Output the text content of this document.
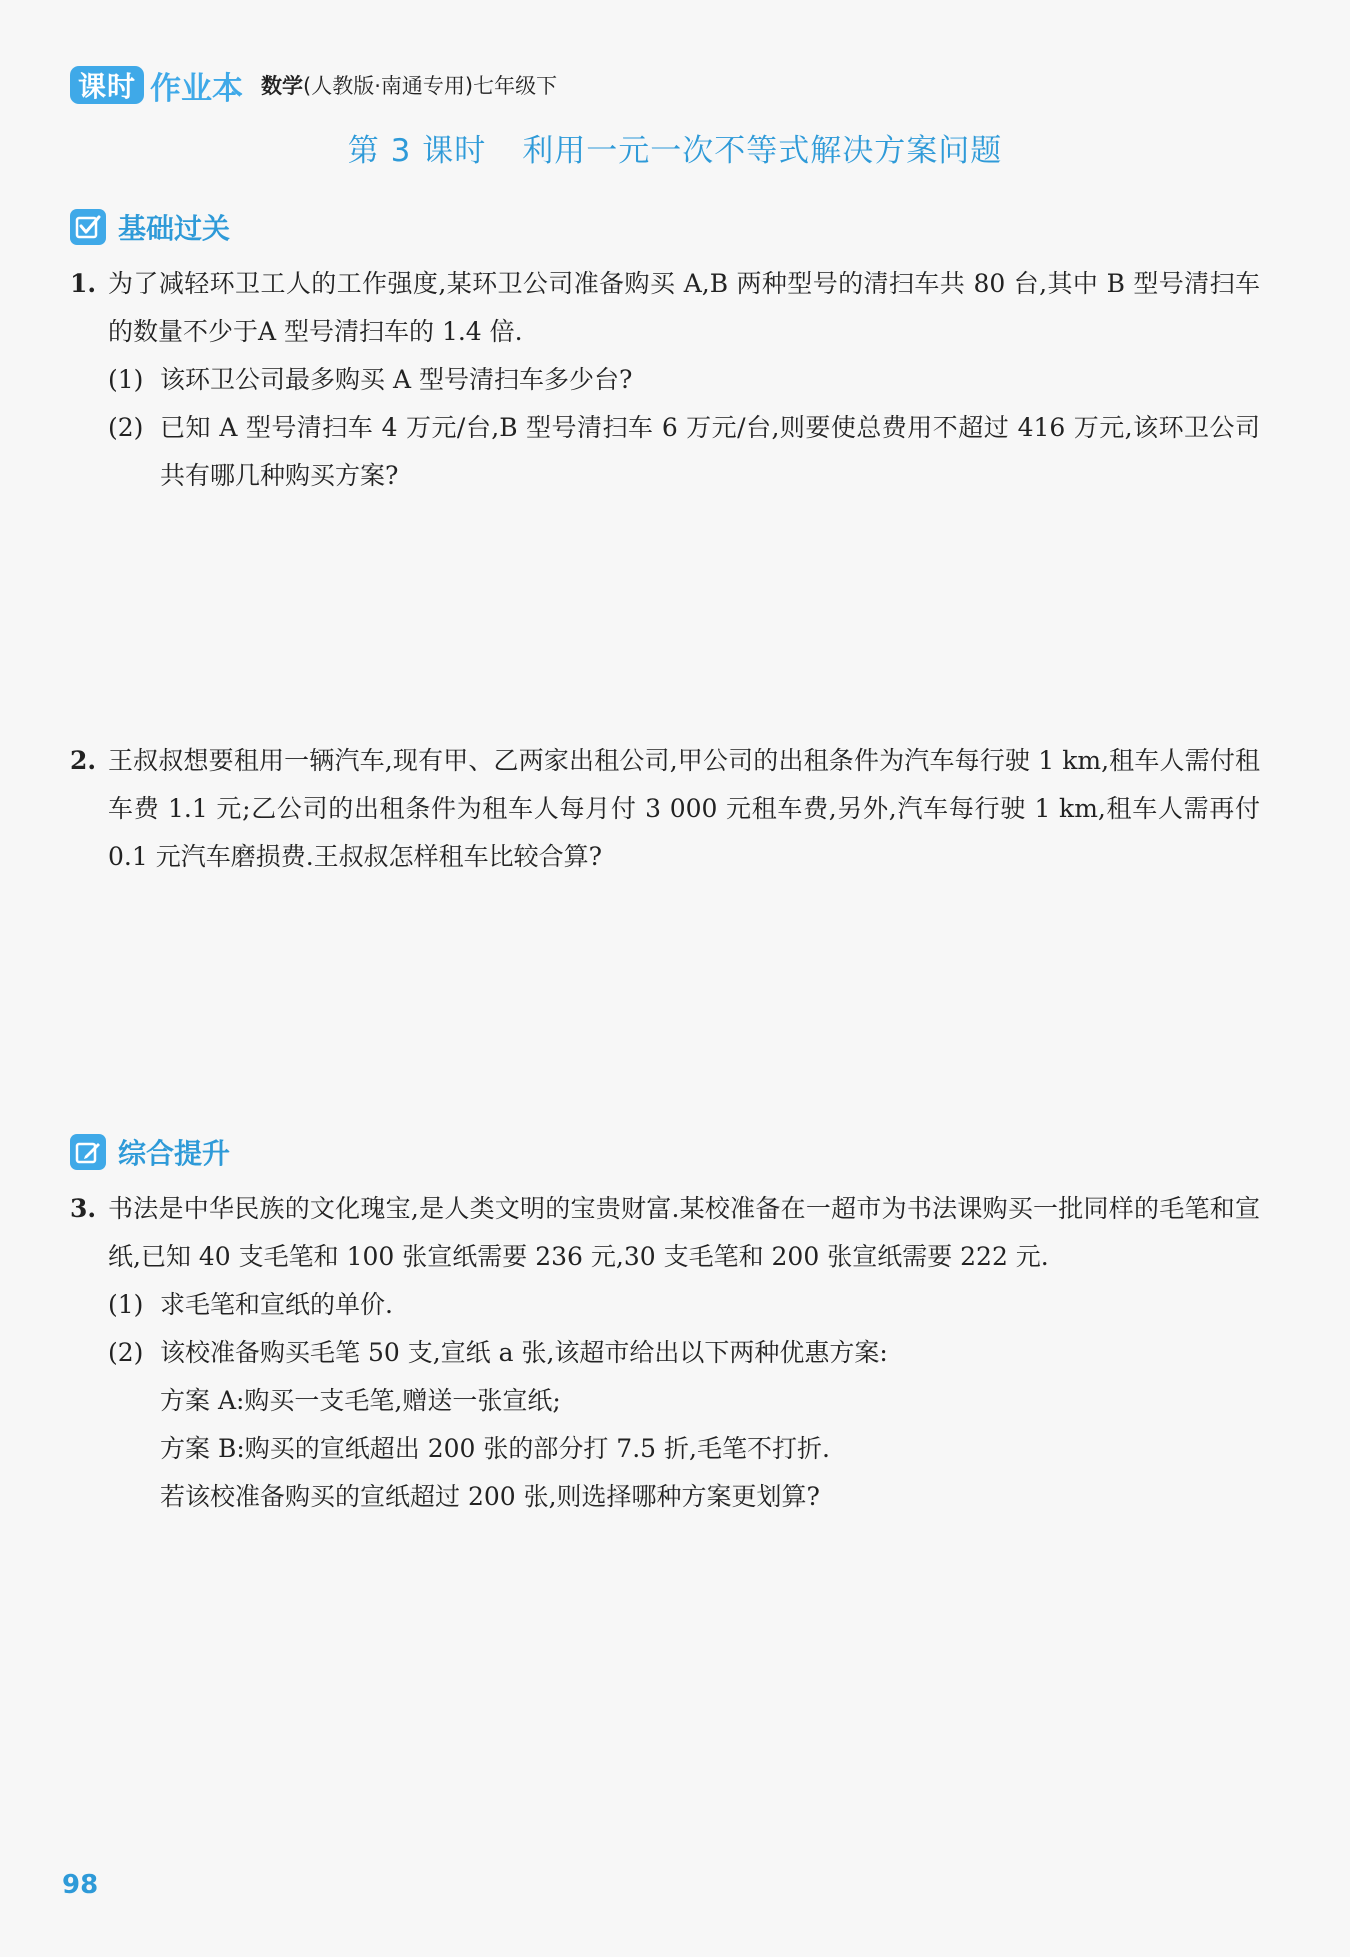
课时 作业本 数学(人教版·南通专用)七年级下
第 3 课时 利用一元一次不等式解决方案问题
基础过关
1. 为了减轻环卫工人的工作强度,某环卫公司准备购买 A,B 两种型号的清扫车共 80 台,其中 B 型号清扫车的数量不少于A 型号清扫车的 1.4 倍.
(1) 该环卫公司最多购买 A 型号清扫车多少台?
(2) 已知 A 型号清扫车 4 万元/台,B 型号清扫车 6 万元/台,则要使总费用不超过 416 万元,该环卫公司共有哪几种购买方案?
2. 王叔叔想要租用一辆汽车,现有甲、乙两家出租公司,甲公司的出租条件为汽车每行驶 1 km,租车人需付租车费 1.1 元;乙公司的出租条件为租车人每月付 3 000 元租车费,另外,汽车每行驶 1 km,租车人需再付 0.1 元汽车磨损费.王叔叔怎样租车比较合算?
综合提升
3. 书法是中华民族的文化瑰宝,是人类文明的宝贵财富.某校准备在一超市为书法课购买一批同样的毛笔和宣纸,已知 40 支毛笔和 100 张宣纸需要 236 元,30 支毛笔和 200 张宣纸需要 222 元.
(1) 求毛笔和宣纸的单价.
(2) 该校准备购买毛笔 50 支,宣纸 a 张,该超市给出以下两种优惠方案:
方案 A:购买一支毛笔,赠送一张宣纸;
方案 B:购买的宣纸超出 200 张的部分打 7.5 折,毛笔不打折.
若该校准备购买的宣纸超过 200 张,则选择哪种方案更划算?
98
